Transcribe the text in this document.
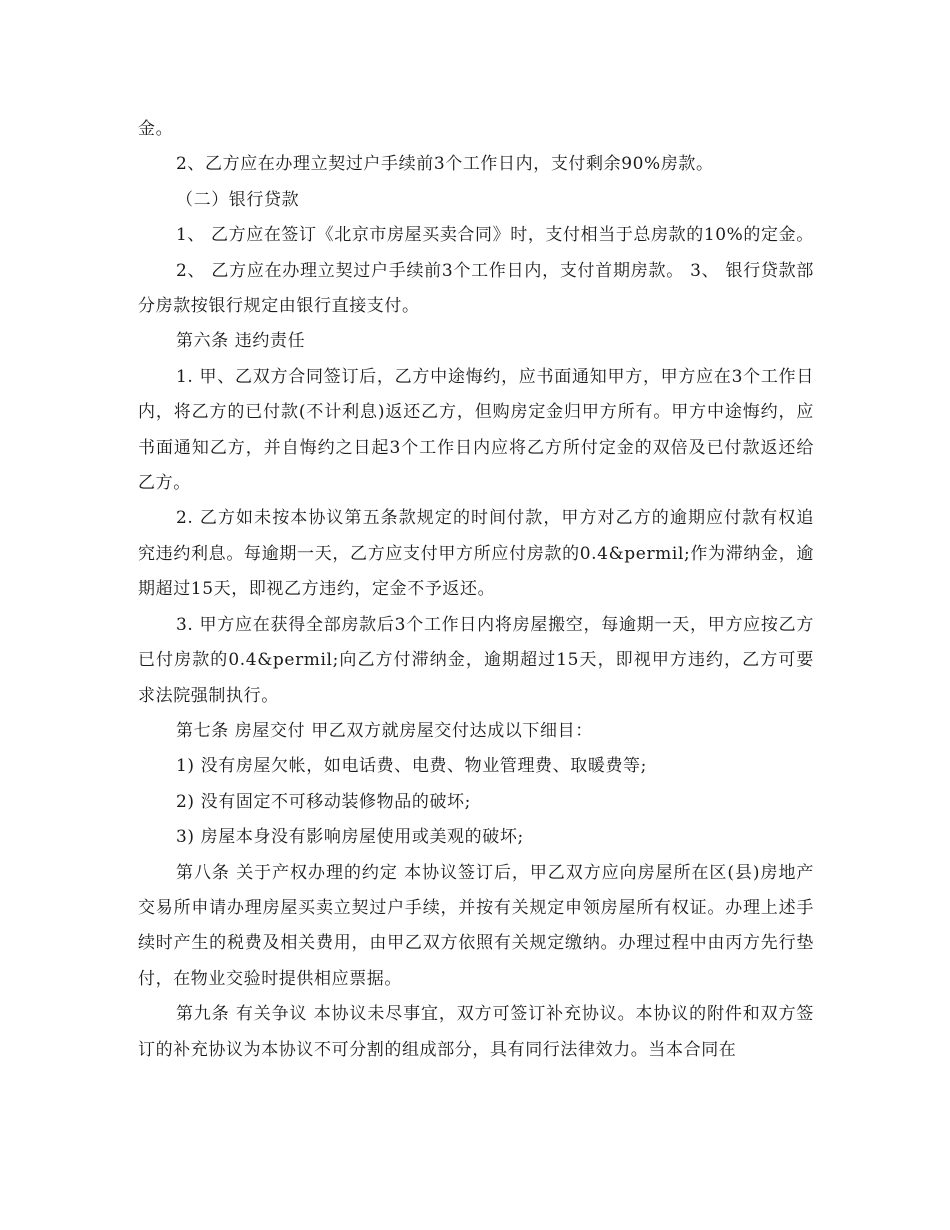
金。

2、乙方应在办理立契过户手续前3个工作日内，支付剩余90%房款。

（二）银行贷款

1、 乙方应在签订《北京市房屋买卖合同》时，支付相当于总房款的10%的定金。

2、 乙方应在办理立契过户手续前3个工作日内，支付首期房款。 3、 银行贷款部分房款按银行规定由银行直接支付。

第六条 违约责任

1. 甲、乙双方合同签订后，乙方中途悔约，应书面通知甲方，甲方应在3个工作日内，将乙方的已付款(不计利息)返还乙方，但购房定金归甲方所有。甲方中途悔约，应书面通知乙方，并自悔约之日起3个工作日内应将乙方所付定金的双倍及已付款返还给乙方。

2. 乙方如未按本协议第五条款规定的时间付款，甲方对乙方的逾期应付款有权追究违约利息。每逾期一天，乙方应支付甲方所应付房款的0.4&permil;作为滞纳金，逾期超过15天，即视乙方违约，定金不予返还。

3. 甲方应在获得全部房款后3个工作日内将房屋搬空，每逾期一天，甲方应按乙方已付房款的0.4&permil;向乙方付滞纳金，逾期超过15天，即视甲方违约，乙方可要求法院强制执行。

第七条 房屋交付 甲乙双方就房屋交付达成以下细目：

1) 没有房屋欠帐，如电话费、电费、物业管理费、取暖费等;

2) 没有固定不可移动装修物品的破坏;

3) 房屋本身没有影响房屋使用或美观的破坏;

第八条 关于产权办理的约定 本协议签订后，甲乙双方应向房屋所在区(县)房地产交易所申请办理房屋买卖立契过户手续，并按有关规定申领房屋所有权证。办理上述手续时产生的税费及相关费用，由甲乙双方依照有关规定缴纳。办理过程中由丙方先行垫付，在物业交验时提供相应票据。

第九条 有关争议 本协议未尽事宜，双方可签订补充协议。本协议的附件和双方签订的补充协议为本协议不可分割的组成部分，具有同行法律效力。当本合同在
